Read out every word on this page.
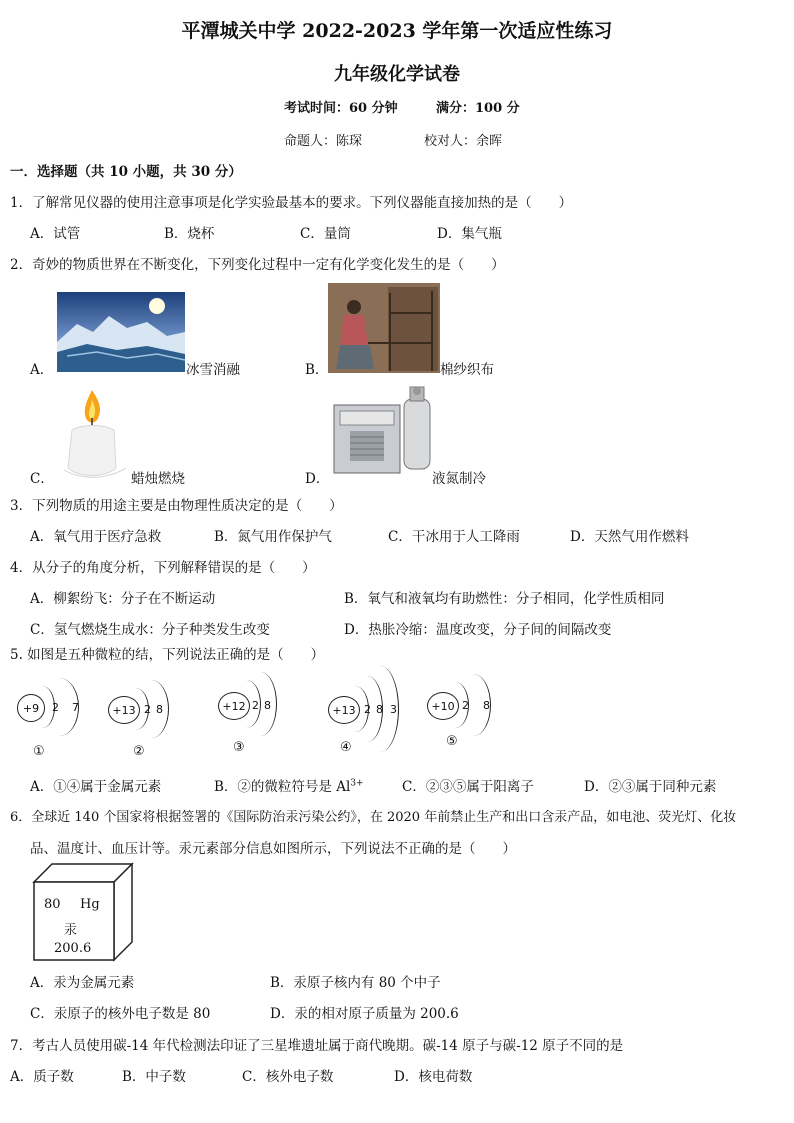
平潭城关中学 2022-2023 学年第一次适应性练习
九年级化学试卷
考试时间：60 分钟	满分：100 分
命题人：陈琛	校对人：余晖
一．选择题（共 10 小题，共 30 分）
1．了解常见仪器的使用注意事项是化学实验最基本的要求。下列仪器能直接加热的是（　　）
A．试管	B．烧杯	C．量筒	D．集气瓶
2．奇妙的物质世界在不断变化，下列变化过程中一定有化学变化发生的是（　　）
A．	冰雪消融	B．	棉纱织布
C．	蜡烛燃烧	D．	液氮制冷
3．下列物质的用途主要是由物理性质决定的是（　　）
A．氧气用于医疗急救	B．氮气用作保护气	C．干冰用于人工降雨	D．天然气用作燃料
4．从分子的角度分析，下列解释错误的是（　　）
A．柳絮纷飞：分子在不断运动	B．氧气和液氧均有助燃性：分子相同，化学性质相同
C．氢气燃烧生成水：分子种类发生改变	D．热胀冷缩：温度改变，分子间的间隔改变
5. 如图是五种微粒的结，下列说法正确的是（　　）
+9	2 7
①
+13 2 8
②
+12 2 8
③
+13 2 8 3
④
+10 2 8
⑤
A．①④属于金属元素	B．②的微粒符号是 $Al^{3+}$	C．②③⑤属于阳离子	D．②③属于同种元素
6．全球近 140 个国家将根据签署的《国际防治汞污染公约》，在 2020 年前禁止生产和出口含汞产品，如电池、荧光灯、化妆
品、温度计、血压计等。汞元素部分信息如图所示，下列说法不正确的是（　　）
80 Hg
汞
200.6
A．汞为金属元素	B．汞原子核内有 80 个中子
C．汞原子的核外电子数是 80	D．汞的相对原子质量为 200.6
7．考古人员使用碳-14 年代检测法印证了三星堆遗址属于商代晚期。碳-14 原子与碳-12 原子不同的是
A．质子数	B．中子数	C．核外电子数	D．核电荷数
